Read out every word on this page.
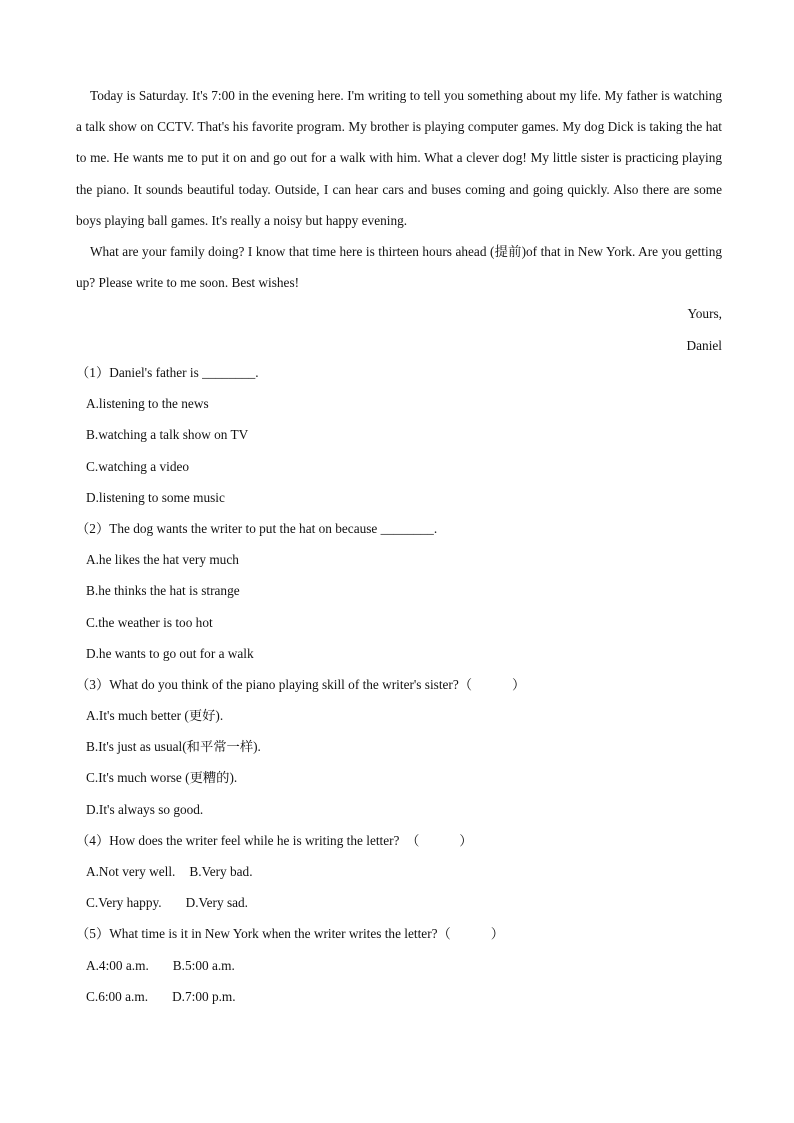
Today is Saturday. It's 7:00 in the evening here. I'm writing to tell you something about my life. My father is watching a talk show on CCTV. That's his favorite program. My brother is playing computer games. My dog Dick is taking the hat to me. He wants me to put it on and go out for a walk with him. What a clever dog! My little sister is practicing playing the piano. It sounds beautiful today. Outside, I can hear cars and buses coming and going quickly. Also there are some boys playing ball games. It's really a noisy but happy evening.

What are your family doing? I know that time here is thirteen hours ahead (提前)of that in New York. Are you getting up? Please write to me soon. Best wishes!

Yours,

Daniel

（1）Daniel's father is ________.
A.listening to the news
B.watching a talk show on TV
C.watching a video
D.listening to some music
（2）The dog wants the writer to put the hat on because ________.
A.he likes the hat very much
B.he thinks the hat is strange
C.the weather is too hot
D.he wants to go out for a walk
（3）What do you think of the piano playing skill of the writer's sister?（　　　）
A.It's much better (更好).
B.It's just as usual(和平常一样).
C.It's much worse (更糟的).
D.It's always so good.
（4）How does the writer feel while he is writing the letter?　（　　　）
A.Not very well. B.Very bad.
C.Very happy. D.Very sad.
（5）What time is it in New York when the writer writes the letter?（　　　）
A.4:00 a.m. B.5:00 a.m.
C.6:00 a.m. D.7:00 p.m.
